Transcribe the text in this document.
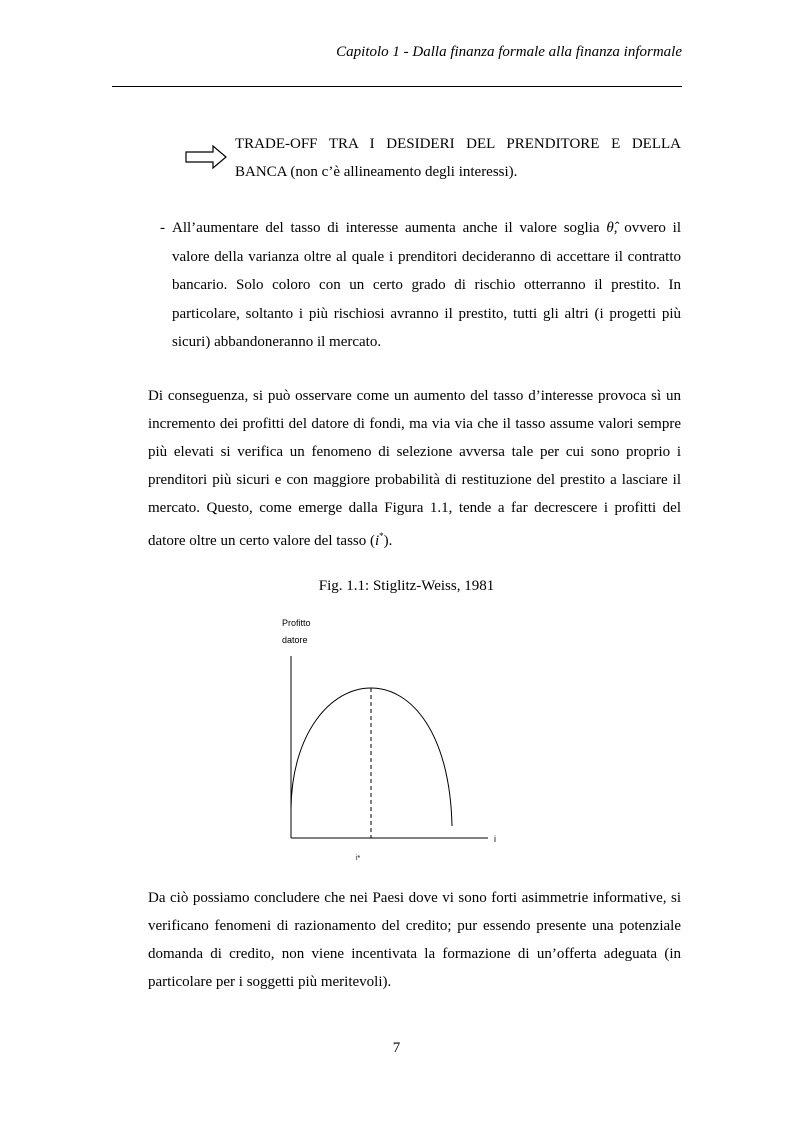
Capitolo 1 - Dalla finanza formale alla finanza informale
TRADE-OFF TRA I DESIDERI DEL PRENDITORE E DELLA
BANCA (non c’è allineamento degli interessi).
- All’aumentare del tasso di interesse aumenta anche il valore soglia θ̂, ovvero il valore della varianza oltre al quale i prenditori decideranno di accettare il contratto bancario. Solo coloro con un certo grado di rischio otterranno il prestito. In particolare, soltanto i più rischiosi avranno il prestito, tutti gli altri (i progetti più sicuri) abbandoneranno il mercato.
Di conseguenza, si può osservare come un aumento del tasso d’interesse provoca sì un incremento dei profitti del datore di fondi, ma via via che il tasso assume valori sempre più elevati si verifica un fenomeno di selezione avversa tale per cui sono proprio i prenditori più sicuri e con maggiore probabilità di restituzione del prestito a lasciare il mercato. Questo, come emerge dalla Figura 1.1, tende a far decrescere i profitti del datore oltre un certo valore del tasso (i*).
Fig. 1.1: Stiglitz-Weiss, 1981
Profitto
datore
i
i*
Da ciò possiamo concludere che nei Paesi dove vi sono forti asimmetrie informative, si verificano fenomeni di razionamento del credito; pur essendo presente una potenziale domanda di credito, non viene incentivata la formazione di un’offerta adeguata (in particolare per i soggetti più meritevoli).
7
